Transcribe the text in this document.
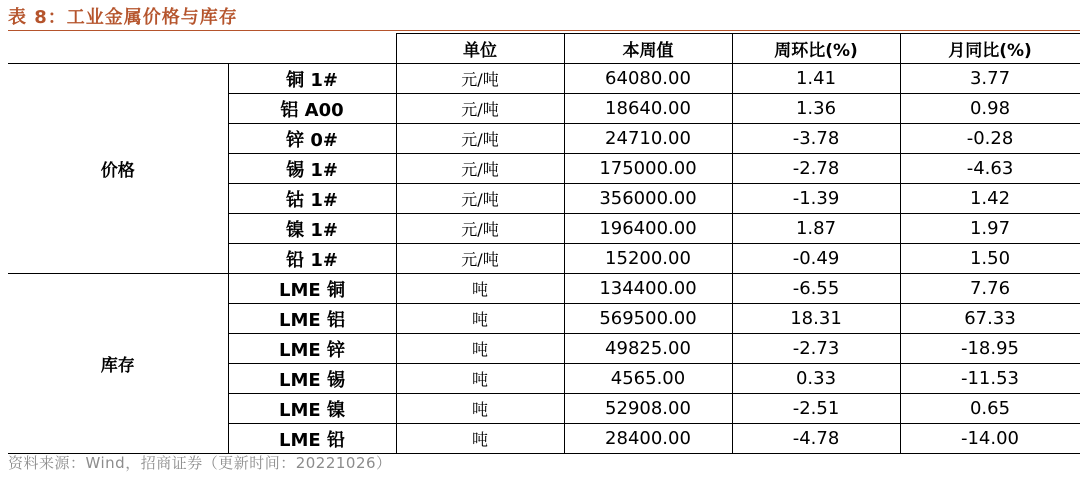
表 8：工业金属价格与库存
		单位	本周值	周环比(%)	月同比(%)
价格	铜 1#	元/吨	64080.00	1.41	3.77
	铝 A00	元/吨	18640.00	1.36	0.98
	锌 0#	元/吨	24710.00	-3.78	-0.28
	锡 1#	元/吨	175000.00	-2.78	-4.63
	钴 1#	元/吨	356000.00	-1.39	1.42
	镍 1#	元/吨	196400.00	1.87	1.97
	铅 1#	元/吨	15200.00	-0.49	1.50
库存	LME 铜	吨	134400.00	-6.55	7.76
	LME 铝	吨	569500.00	18.31	67.33
	LME 锌	吨	49825.00	-2.73	-18.95
	LME 锡	吨	4565.00	0.33	-11.53
	LME 镍	吨	52908.00	-2.51	0.65
	LME 铅	吨	28400.00	-4.78	-14.00
资料来源：Wind，招商证券（更新时间：20221026）
